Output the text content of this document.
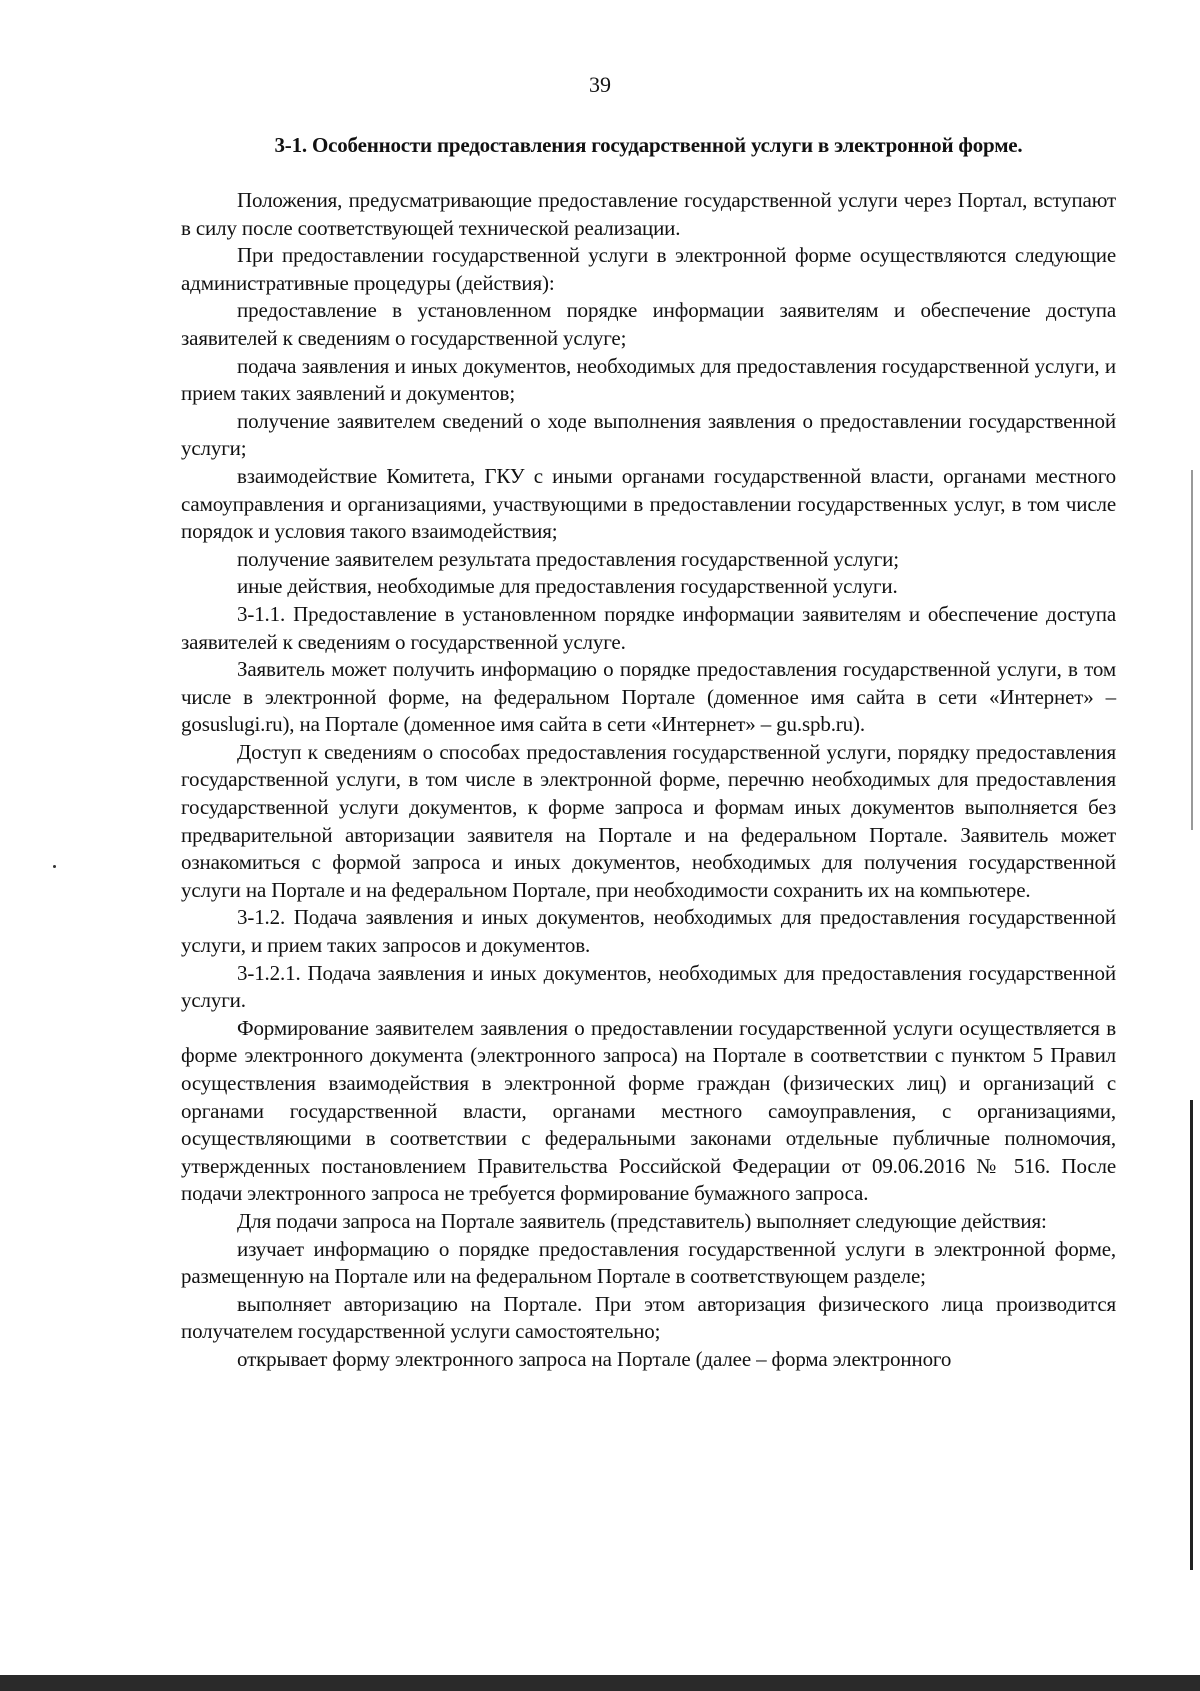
39
3-1. Особенности предоставления государственной услуги в электронной форме.

Положения, предусматривающие предоставление государственной услуги через Портал, вступают в силу после соответствующей технической реализации.

При предоставлении государственной услуги в электронной форме осуществляются следующие административные процедуры (действия):

предоставление в установленном порядке информации заявителям и обеспечение доступа заявителей к сведениям о государственной услуге;

подача заявления и иных документов, необходимых для предоставления государственной услуги, и прием таких заявлений и документов;

получение заявителем сведений о ходе выполнения заявления о предоставлении государственной услуги;

взаимодействие Комитета, ГКУ с иными органами государственной власти, органами местного самоуправления и организациями, участвующими в предоставлении государственных услуг, в том числе порядок и условия такого взаимодействия;

получение заявителем результата предоставления государственной услуги;

иные действия, необходимые для предоставления государственной услуги.

3-1.1. Предоставление в установленном порядке информации заявителям и обеспечение доступа заявителей к сведениям о государственной услуге.

Заявитель может получить информацию о порядке предоставления государственной услуги, в том числе в электронной форме, на федеральном Портале (доменное имя сайта в сети «Интернет» – gosuslugi.ru), на Портале (доменное имя сайта в сети «Интернет» – gu.spb.ru).

Доступ к сведениям о способах предоставления государственной услуги, порядку предоставления государственной услуги, в том числе в электронной форме, перечню необходимых для предоставления государственной услуги документов, к форме запроса и формам иных документов выполняется без предварительной авторизации заявителя на Портале и на федеральном Портале. Заявитель может ознакомиться с формой запроса и иных документов, необходимых для получения государственной услуги на Портале и на федеральном Портале, при необходимости сохранить их на компьютере.

3-1.2. Подача заявления и иных документов, необходимых для предоставления государственной услуги, и прием таких запросов и документов.

3-1.2.1. Подача заявления и иных документов, необходимых для предоставления государственной услуги.

Формирование заявителем заявления о предоставлении государственной услуги осуществляется в форме электронного документа (электронного запроса) на Портале в соответствии с пунктом 5 Правил осуществления взаимодействия в электронной форме граждан (физических лиц) и организаций с органами государственной власти, органами местного самоуправления, с организациями, осуществляющими в соответствии с федеральными законами отдельные публичные полномочия, утвержденных постановлением Правительства Российской Федерации от 09.06.2016 № 516. После подачи электронного запроса не требуется формирование бумажного запроса.

Для подачи запроса на Портале заявитель (представитель) выполняет следующие действия:

изучает информацию о порядке предоставления государственной услуги в электронной форме, размещенную на Портале или на федеральном Портале в соответствующем разделе;

выполняет авторизацию на Портале. При этом авторизация физического лица производится получателем государственной услуги самостоятельно;

открывает форму электронного запроса на Портале (далее – форма электронного
